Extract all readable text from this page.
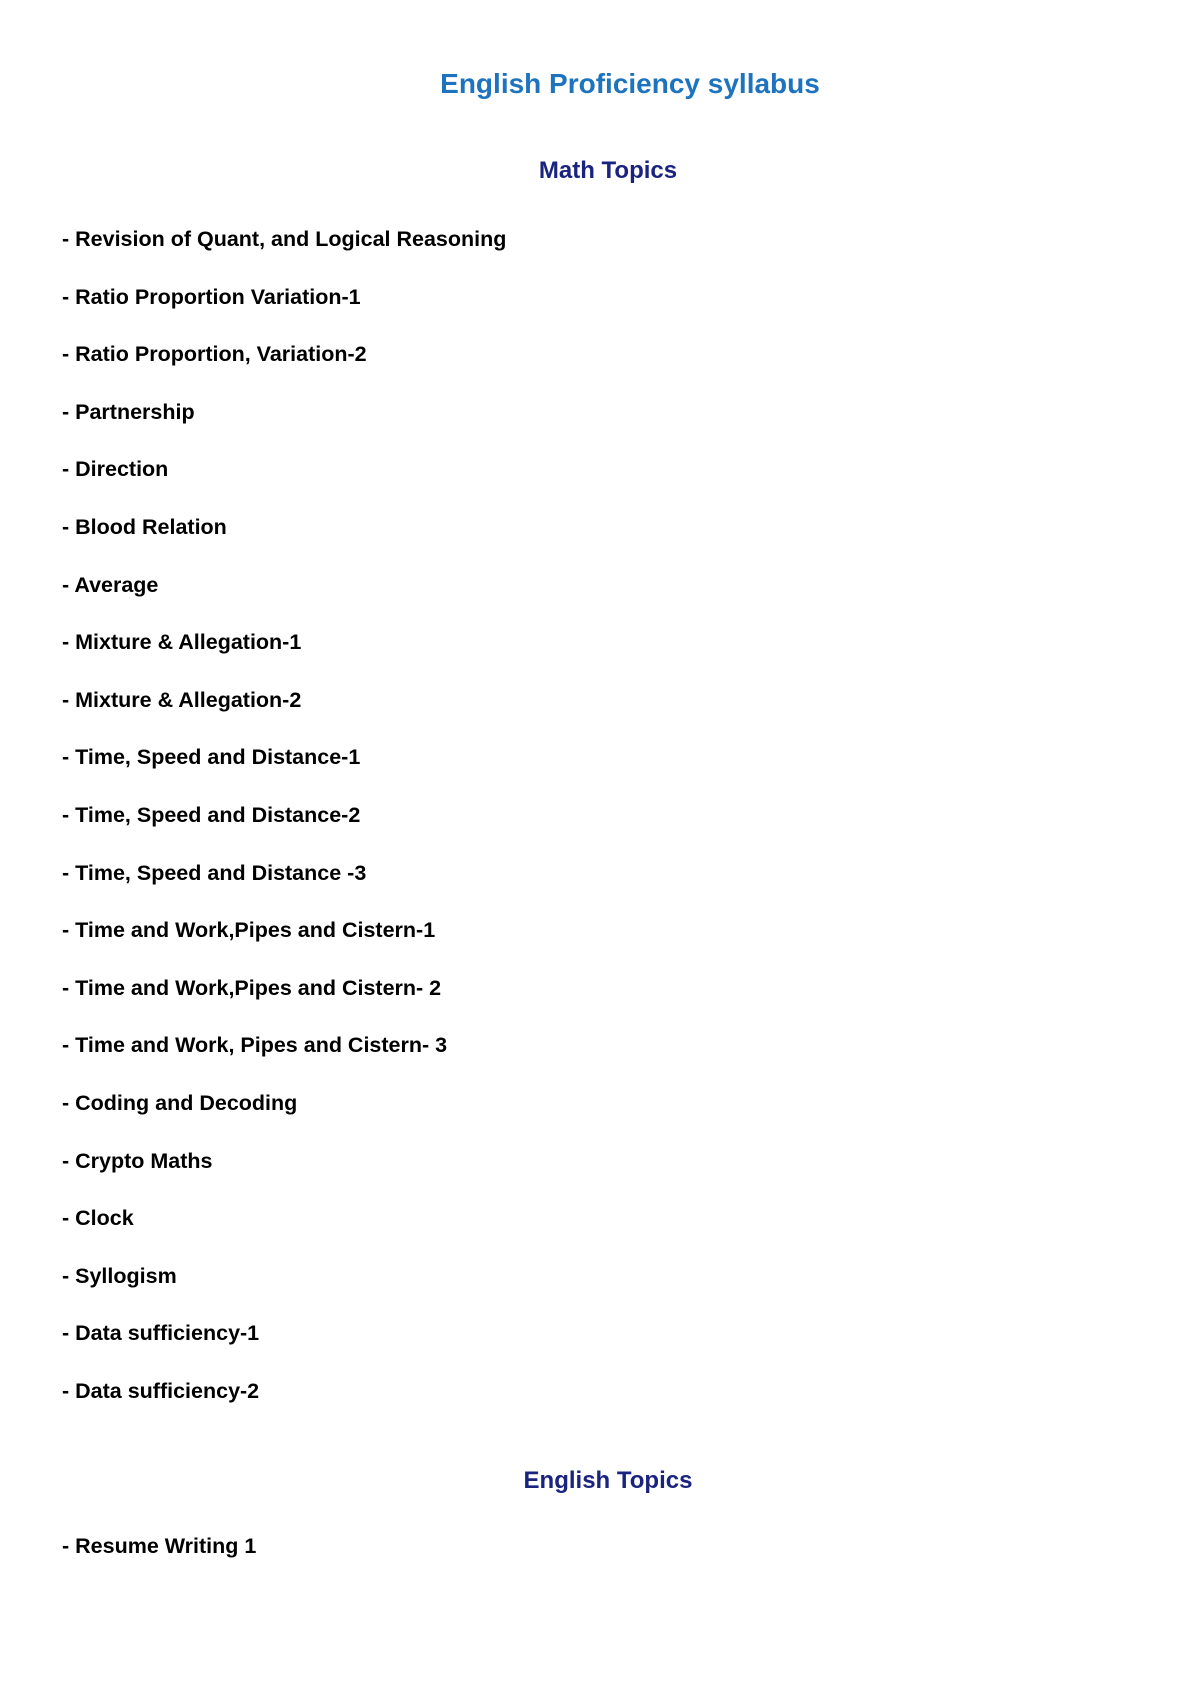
English Proficiency syllabus
Math Topics
- Revision of Quant, and Logical Reasoning
- Ratio Proportion Variation-1
- Ratio Proportion, Variation-2
- Partnership
- Direction
- Blood Relation
- Average
- Mixture & Allegation-1
- Mixture & Allegation-2
- Time, Speed and Distance-1
- Time, Speed and Distance-2
- Time, Speed and Distance -3
- Time and Work,Pipes and Cistern-1
- Time and Work,Pipes and Cistern- 2
- Time and Work, Pipes and Cistern- 3
- Coding and Decoding
- Crypto Maths
- Clock
- Syllogism
- Data sufficiency-1
- Data sufficiency-2
English Topics
- Resume Writing 1
